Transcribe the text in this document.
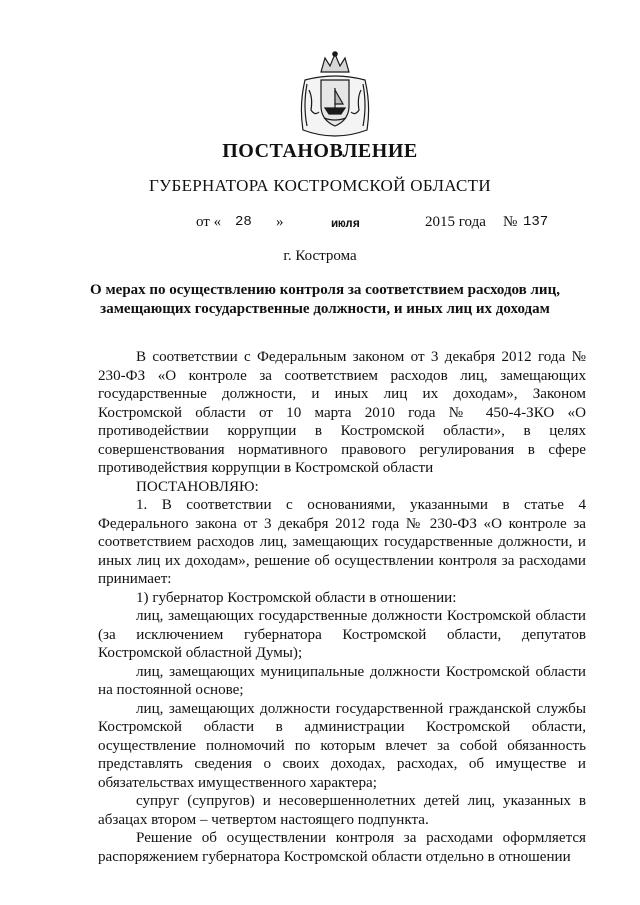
ПОСТАНОВЛЕНИЕ
ГУБЕРНАТОРА КОСТРОМСКОЙ ОБЛАСТИ
от « 28 »	июля	2015 года № 137
г. Кострома
О мерах по осуществлению контроля за соответствием расходов лиц,
замещающих государственные должности, и иных лиц их доходам

В соответствии с Федеральным законом от 3 декабря 2012 года № 230-ФЗ «О контроле за соответствием расходов лиц, замещающих государственные должности, и иных лиц их доходам», Законом Костромской области от 10 марта 2010 года № 450-4-ЗКО «О противодействии коррупции в Костромской области», в целях совершенствования нормативного правового регулирования в сфере противодействия коррупции в Костромской области

ПОСТАНОВЛЯЮ:

1. В соответствии с основаниями, указанными в статье 4 Федерального закона от 3 декабря 2012 года № 230-ФЗ «О контроле за соответствием расходов лиц, замещающих государственные должности, и иных лиц их доходам», решение об осуществлении контроля за расходами принимает:

1) губернатор Костромской области в отношении:

лиц, замещающих государственные должности Костромской области (за исключением губернатора Костромской области, депутатов Костромской областной Думы);

лиц, замещающих муниципальные должности Костромской области на постоянной основе;

лиц, замещающих должности государственной гражданской службы Костромской области в администрации Костромской области, осуществление полномочий по которым влечет за собой обязанность представлять сведения о своих доходах, расходах, об имуществе и обязательствах имущественного характера;

супруг (супругов) и несовершеннолетних детей лиц, указанных в абзацах втором – четвертом настоящего подпункта.

Решение об осуществлении контроля за расходами оформляется распоряжением губернатора Костромской области отдельно в отношении
